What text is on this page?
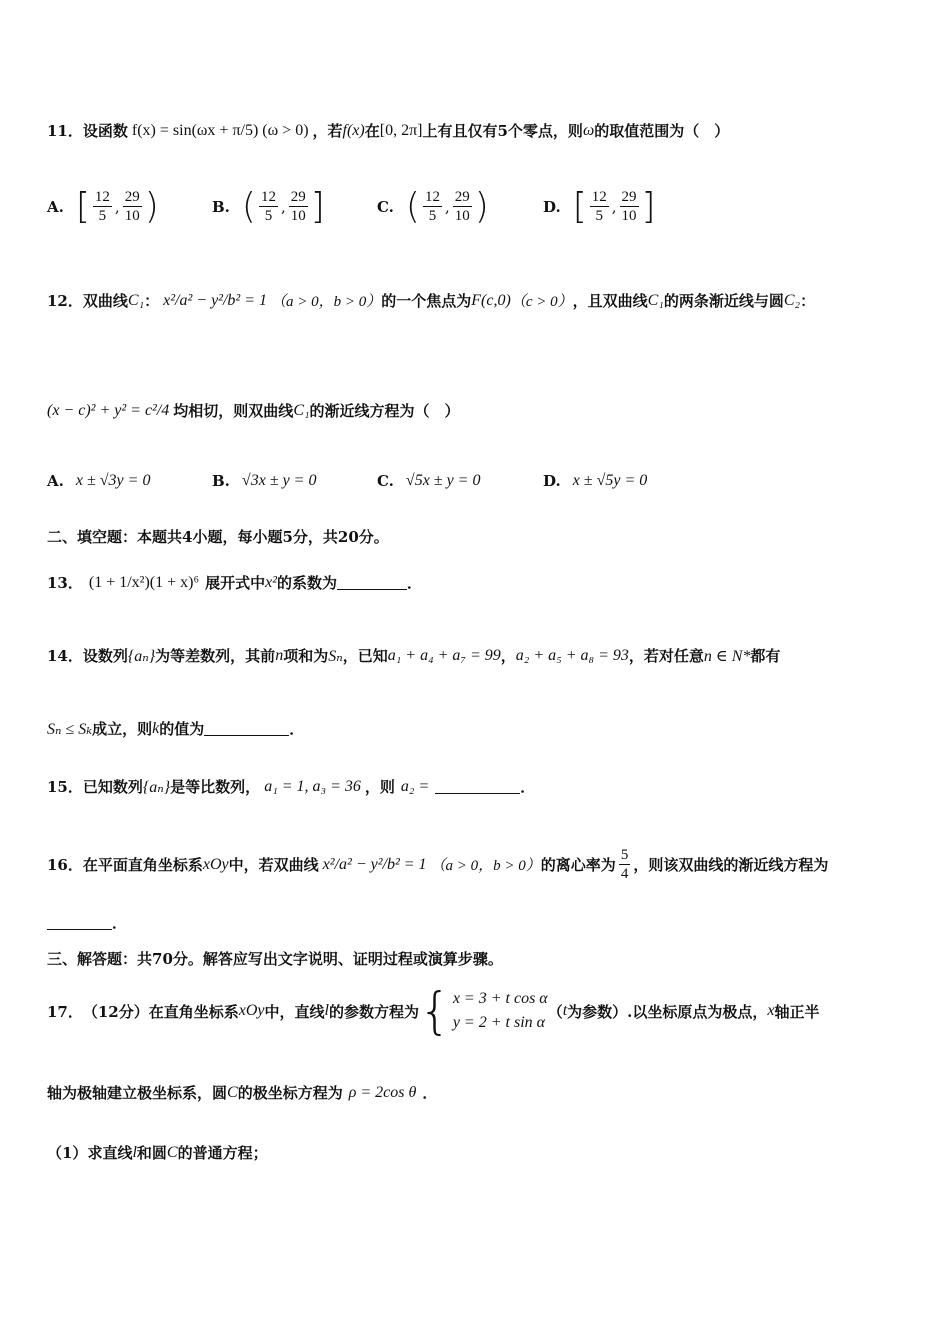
11． 设函数 f(x) = sin(ωx + π/5) (ω > 0) ，若 f(x) 在 [0, 2π] 上有且仅有5个零点，则 ω 的取值范围为（　）
A. [ $\frac{12}{5}$ , $\frac{29}{10}$ )	B. ( $\frac{12}{5}$ , $\frac{29}{10}$ ]	C. ( $\frac{12}{5}$ , $\frac{29}{10}$ )	D. [ $\frac{12}{5}$ , $\frac{29}{10}$ ]
12． 双曲线 C₁ ： x²/a² − y²/b² = 1 （a > 0，b > 0） 的一个焦点为 F(c,0) （c > 0） ，且双曲线 C₁ 的两条渐近线与圆 C₂ ：
(x − c)² + y² = c²/4 均相切，则双曲线 C₁ 的渐近线方程为（　）
A. x ± √3y = 0	B. √3x ± y = 0	C. √5x ± y = 0	D. x ± √5y = 0
二、填空题：本题共4小题，每小题5分，共20分。
13． (1 + 1/x²)(1 + x)⁶ 展开式中 x² 的系数为	．
14． 设数列 {aₙ} 为等差数列，其前 n 项和为 Sₙ ，已知 a₁ + a₄ + a₇ = 99 ， a₂ + a₅ + a₈ = 93 ，若对任意 n ∈ N* 都有
Sₙ ≤ Sₖ 成立，则 k 的值为	．
15． 已知数列 {aₙ} 是等比数列， a₁ = 1, a₃ = 36 ，则 a₂ =	．
16． 在平面直角坐标系 xOy 中，若双曲线 x²/a² − y²/b² = 1 （a > 0，b > 0） 的离心率为 $\frac{5}{4}$ ，则该双曲线的渐近线方程为
．
三、解答题：共70分。解答应写出文字说明、证明过程或演算步骤。
17． （12分） 在直角坐标系 xOy 中，直线 l 的参数方程为 { x = 3 + t cos α
y = 2 + t sin α
（ t 为参数）.以坐标原点为极点， x 轴正半
轴为极轴建立极坐标系，圆 C 的极坐标方程为 ρ = 2cos θ ．
（1） 求直线 l 和圆 C 的普通方程；
